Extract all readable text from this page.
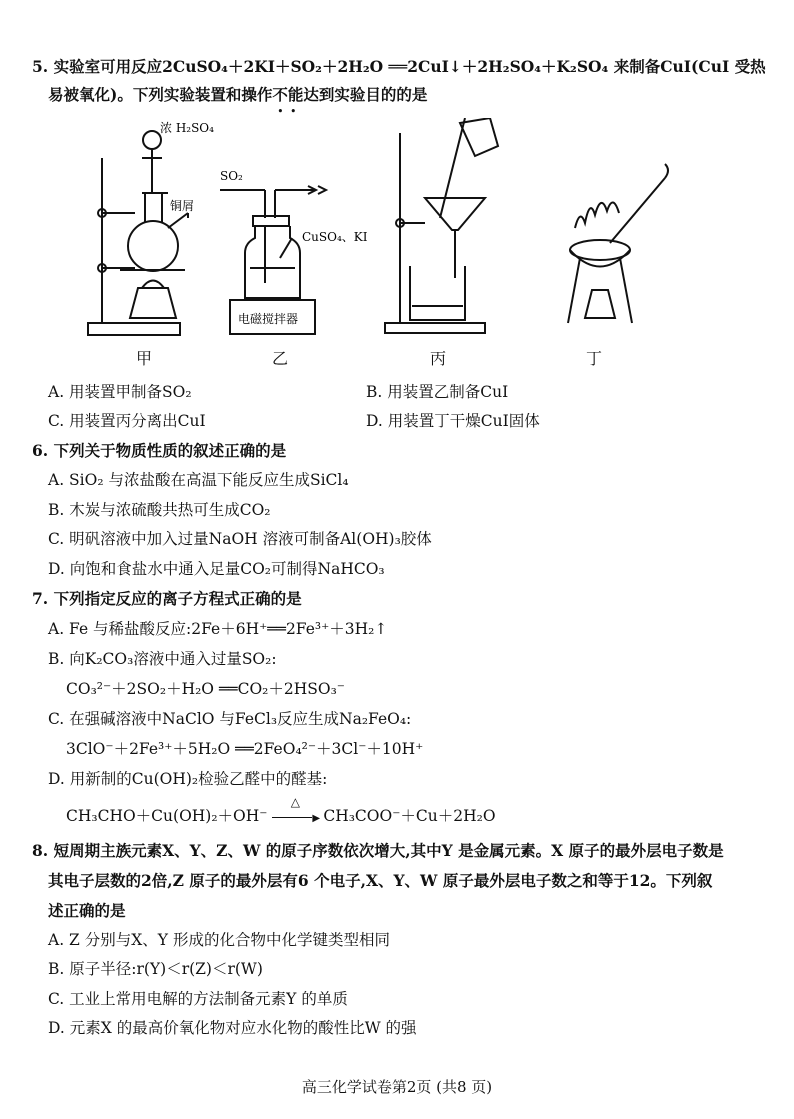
5. 实验室可用反应2CuSO₄＋2KI＋SO₂＋2H₂O ══2CuI↓＋2H₂SO₄＋K₂SO₄ 来制备CuI(CuI 受热
易被氧化)。下列实验装置和操作不能 • •达到实验目的的是
浓 H₂SO₄
铜屑
SO₂
CuSO₄、KI
电磁搅拌器
甲	乙	丙	丁
A. 用装置甲制备SO₂	B. 用装置乙制备CuI
C. 用装置丙分离出CuI	D. 用装置丁干燥CuI固体
6. 下列关于物质性质的叙述正确的是
A. SiO₂ 与浓盐酸在高温下能反应生成SiCl₄
B. 木炭与浓硫酸共热可生成CO₂
C. 明矾溶液中加入过量NaOH 溶液可制备Al(OH)₃胶体
D. 向饱和食盐水中通入足量CO₂可制得NaHCO₃
7. 下列指定反应的离子方程式正确的是
A. Fe 与稀盐酸反应:2Fe＋6H⁺══2Fe³⁺＋3H₂↑
B. 向K₂CO₃溶液中通入过量SO₂:
CO₃²⁻＋2SO₂＋H₂O ══CO₂＋2HSO₃⁻
C. 在强碱溶液中NaClO 与FeCl₃反应生成Na₂FeO₄:
3ClO⁻＋2Fe³⁺＋5H₂O ══2FeO₄²⁻＋3Cl⁻＋10H⁺
D. 用新制的Cu(OH)₂检验乙醛中的醛基:
CH₃CHO＋Cu(OH)₂＋OH⁻
△
▶ CH₃COO⁻＋Cu＋2H₂O
8. 短周期主族元素X、Y、Z、W 的原子序数依次增大,其中Y 是金属元素。X 原子的最外层电子数是
其电子层数的2倍,Z 原子的最外层有6 个电子,X、Y、W 原子最外层电子数之和等于12。下列叙
述正确的是
A. Z 分别与X、Y 形成的化合物中化学键类型相同
B. 原子半径:r(Y)＜r(Z)＜r(W)
C. 工业上常用电解的方法制备元素Y 的单质
D. 元素X 的最高价氧化物对应水化物的酸性比W 的强
高三化学试卷第2页 (共8 页)
